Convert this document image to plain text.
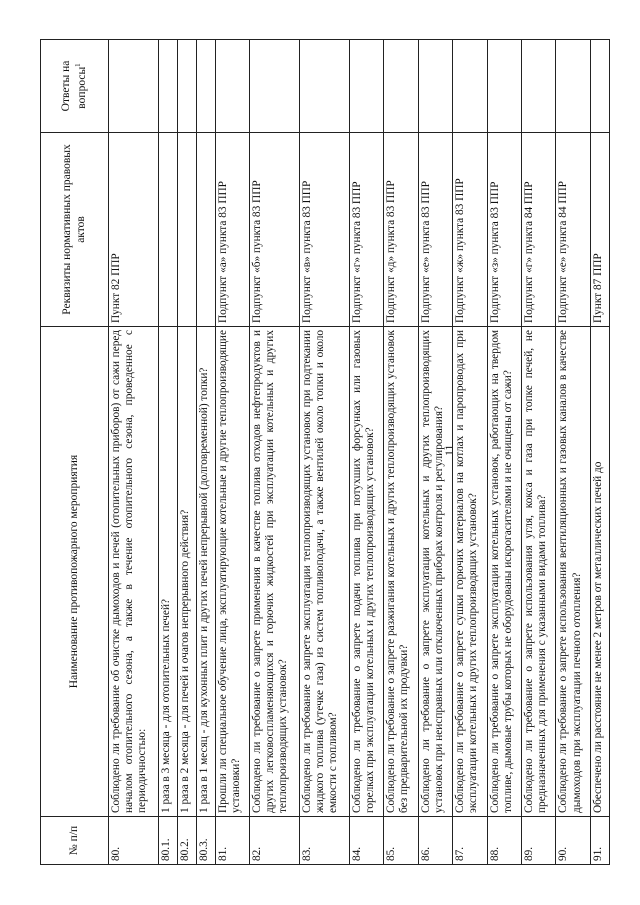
11
№ п/п	Наименование противопожарного мероприятия	Реквизиты нормативных правовых актов	Ответы на вопросы$^1$
80.	Соблюдено ли требование об очистке дымоходов и печей (отопительных приборов) от сажи перед началом отопительного сезона, а также в течение отопительного сезона, проведенное с периодичностью:	Пункт 82 ППР	
80.1.	1 раза в 3 месяца - для отопительных печей?		
80.2.	1 раза в 2 месяца - для печей и очагов непрерывного действия?		
80.3.	1 раза в 1 месяц - для кухонных плит и других печей непрерывной (долговременной) топки?		
81.	Прошли ли специальное обучение лица, эксплуатирующие котельные и другие теплопроизводящие установки?	Подпункт «а» пункта 83 ППР	
82.	Соблюдено ли требование о запрете применения в качестве топлива отходов нефтепродуктов и других легковоспламеняющихся и горючих жидкостей при эксплуатации котельных и других теплопроизводящих установок?	Подпункт «б» пункта 83 ППР	
83.	Соблюдено ли требование о запрете эксплуатации теплопроизводящих установок при подтекании жидкого топлива (утечке газа) из систем топливоподачи, а также вентилей около топки и около емкости с топливом?	Подпункт «в» пункта 83 ППР	
84.	Соблюдено ли требование о запрете подачи топлива при потухших форсунках или газовых горелках при эксплуатации котельных и других теплопроизводящих установок?	Подпункт «г» пункта 83 ППР	
85.	Соблюдено ли требование о запрете разжигания котельных и других теплопроизводящих установок без предварительной их продувки?	Подпункт «д» пункта 83 ППР	
86.	Соблюдено ли требование о запрете эксплуатации котельных и других теплопроизводящих установок при неисправных или отключенных приборах контроля и регулирования?	Подпункт «е» пункта 83 ППР	
87.	Соблюдено ли требование о запрете сушки горючих материалов на котлах и паропроводах при эксплуатации котельных и других теплопроизводящих установок?	Подпункт «ж» пункта 83 ППР	
88.	Соблюдено ли требование о запрете эксплуатации котельных установок, работающих на твердом топливе, дымовые трубы которых не оборудованы искрогасителями и не очищены от сажи?	Подпункт «з» пункта 83 ППР	
89.	Соблюдено ли требование о запрете использования угля, кокса и газа при топке печей, не предназначенных для применения с указанными видами топлива?	Подпункт «г» пункта 84 ППР	
90.	Соблюдено ли требование о запрете использования вентиляционных и газовых каналов в качестве дымоходов при эксплуатации печного отопления?	Подпункт «е» пункта 84 ППР	
91.	Обеспечено ли расстояние не менее 2 метров от металлических печей до	Пункт 87 ППР	
